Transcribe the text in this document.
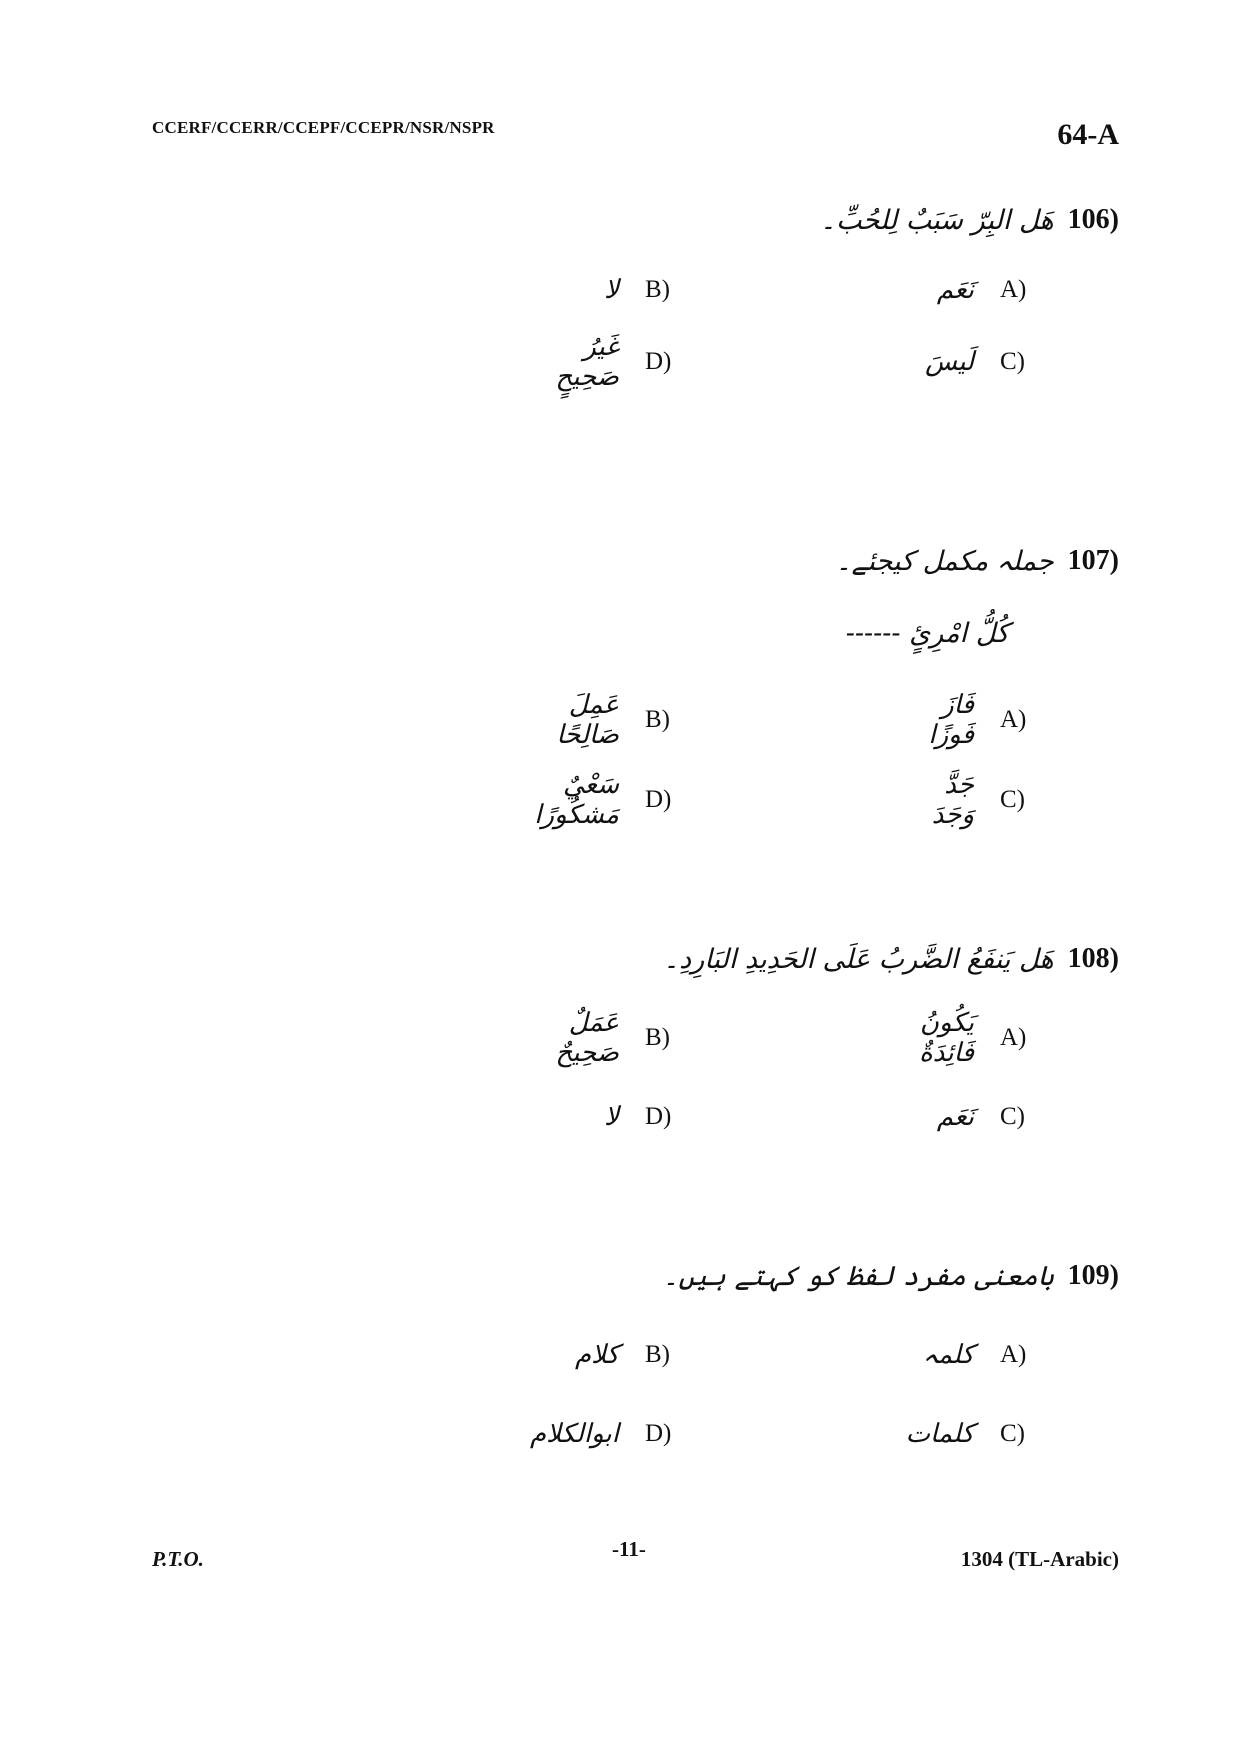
CCERF/CCERR/CCEPF/CCEPR/NSR/NSPR	64-A
106)
هَل البِرّ سَبَبٌ لِلحُبِّ۔
نَعَم A)
لا B)
لَيسَ C)
غَيرُ صَحِيحٍ
D)
107)
جملہ مکمل کیجئے۔
كُلُّ امْرِئٍ ------
فَازَ فَوزًا
A)
عَمِلَ صَالِحًا
B)
جَدَّ وَجَدَ
C)
سَعْيٌ مَشكُورًا
D)
108)
هَل يَنفَعُ الضَّربُ عَلَى الحَدِيدِ البَارِدِ۔
يَكُونُ فَائِدَةٌ
A)
عَمَلٌ صَحِيحٌ
B)
نَعَم C)
لا D)
109)
بامعنی مفرد لفظ کو کہتے ہیں۔
كلمہ A)
كلام B)
كلمات C)
ابوالكلام D)
P.T.O.	-11-	1304 (TL-Arabic)
